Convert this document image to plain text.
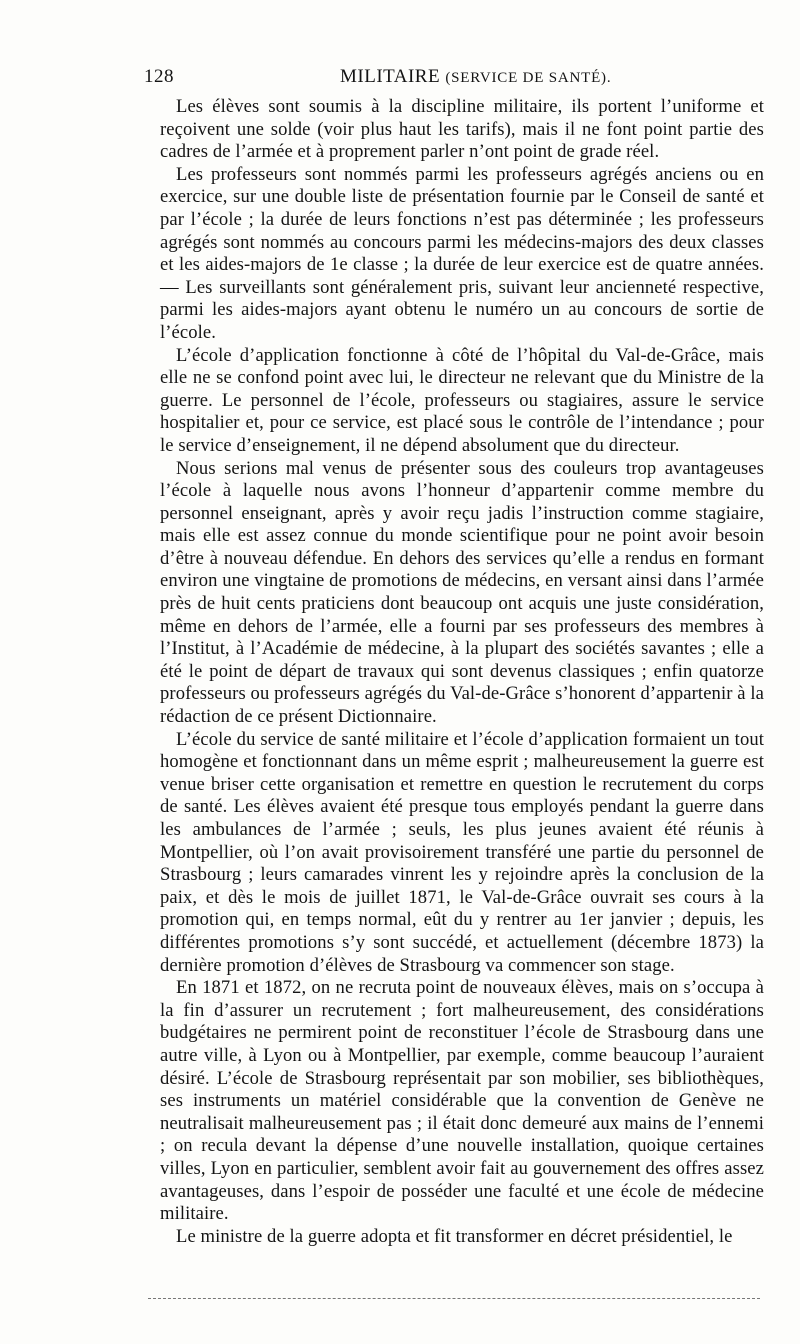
128	MILITAIRE (SERVICE DE SANTÉ).

Les élèves sont soumis à la discipline militaire, ils portent l’uniforme et reçoivent une solde (voir plus haut les tarifs), mais il ne font point partie des cadres de l’armée et à proprement parler n’ont point de grade réel.

Les professeurs sont nommés parmi les professeurs agrégés anciens ou en exercice, sur une double liste de présentation fournie par le Conseil de santé et par l’école ; la durée de leurs fonctions n’est pas déterminée ; les professeurs agrégés sont nommés au concours parmi les médecins-majors des deux classes et les aides-majors de 1e classe ; la durée de leur exercice est de quatre années. — Les surveillants sont généralement pris, suivant leur ancienneté respective, parmi les aides-majors ayant obtenu le numéro un au concours de sortie de l’école.

L’école d’application fonctionne à côté de l’hôpital du Val-de-Grâce, mais elle ne se confond point avec lui, le directeur ne relevant que du Ministre de la guerre. Le personnel de l’école, professeurs ou stagiaires, assure le service hospitalier et, pour ce service, est placé sous le contrôle de l’intendance ; pour le service d’enseignement, il ne dépend absolument que du directeur.

Nous serions mal venus de présenter sous des couleurs trop avantageuses l’école à laquelle nous avons l’honneur d’appartenir comme membre du personnel enseignant, après y avoir reçu jadis l’instruction comme stagiaire, mais elle est assez connue du monde scientifique pour ne point avoir besoin d’être à nouveau défendue. En dehors des services qu’elle a rendus en formant environ une vingtaine de promotions de médecins, en versant ainsi dans l’armée près de huit cents praticiens dont beaucoup ont acquis une juste considération, même en dehors de l’armée, elle a fourni par ses professeurs des membres à l’Institut, à l’Académie de médecine, à la plupart des sociétés savantes ; elle a été le point de départ de travaux qui sont devenus classiques ; enfin quatorze professeurs ou professeurs agrégés du Val-de-Grâce s’honorent d’appartenir à la rédaction de ce présent Dictionnaire.

L’école du service de santé militaire et l’école d’application formaient un tout homogène et fonctionnant dans un même esprit ; malheureusement la guerre est venue briser cette organisation et remettre en question le recrutement du corps de santé. Les élèves avaient été presque tous employés pendant la guerre dans les ambulances de l’armée ; seuls, les plus jeunes avaient été réunis à Montpellier, où l’on avait provisoirement transféré une partie du personnel de Strasbourg ; leurs camarades vinrent les y rejoindre après la conclusion de la paix, et dès le mois de juillet 1871, le Val-de-Grâce ouvrait ses cours à la promotion qui, en temps normal, eût du y rentrer au 1er janvier ; depuis, les différentes promotions s’y sont succédé, et actuellement (décembre 1873) la dernière promotion d’élèves de Strasbourg va commencer son stage.

En 1871 et 1872, on ne recruta point de nouveaux élèves, mais on s’occupa à la fin d’assurer un recrutement ; fort malheureusement, des considérations budgétaires ne permirent point de reconstituer l’école de Strasbourg dans une autre ville, à Lyon ou à Montpellier, par exemple, comme beaucoup l’auraient désiré. L’école de Strasbourg représentait par son mobilier, ses bibliothèques, ses instruments un matériel considérable que la convention de Genève ne neutralisait malheureusement pas ; il était donc demeuré aux mains de l’ennemi ; on recula devant la dépense d’une nouvelle installation, quoique certaines villes, Lyon en particulier, semblent avoir fait au gouvernement des offres assez avantageuses, dans l’espoir de posséder une faculté et une école de médecine militaire.

Le ministre de la guerre adopta et fit transformer en décret présidentiel, le
